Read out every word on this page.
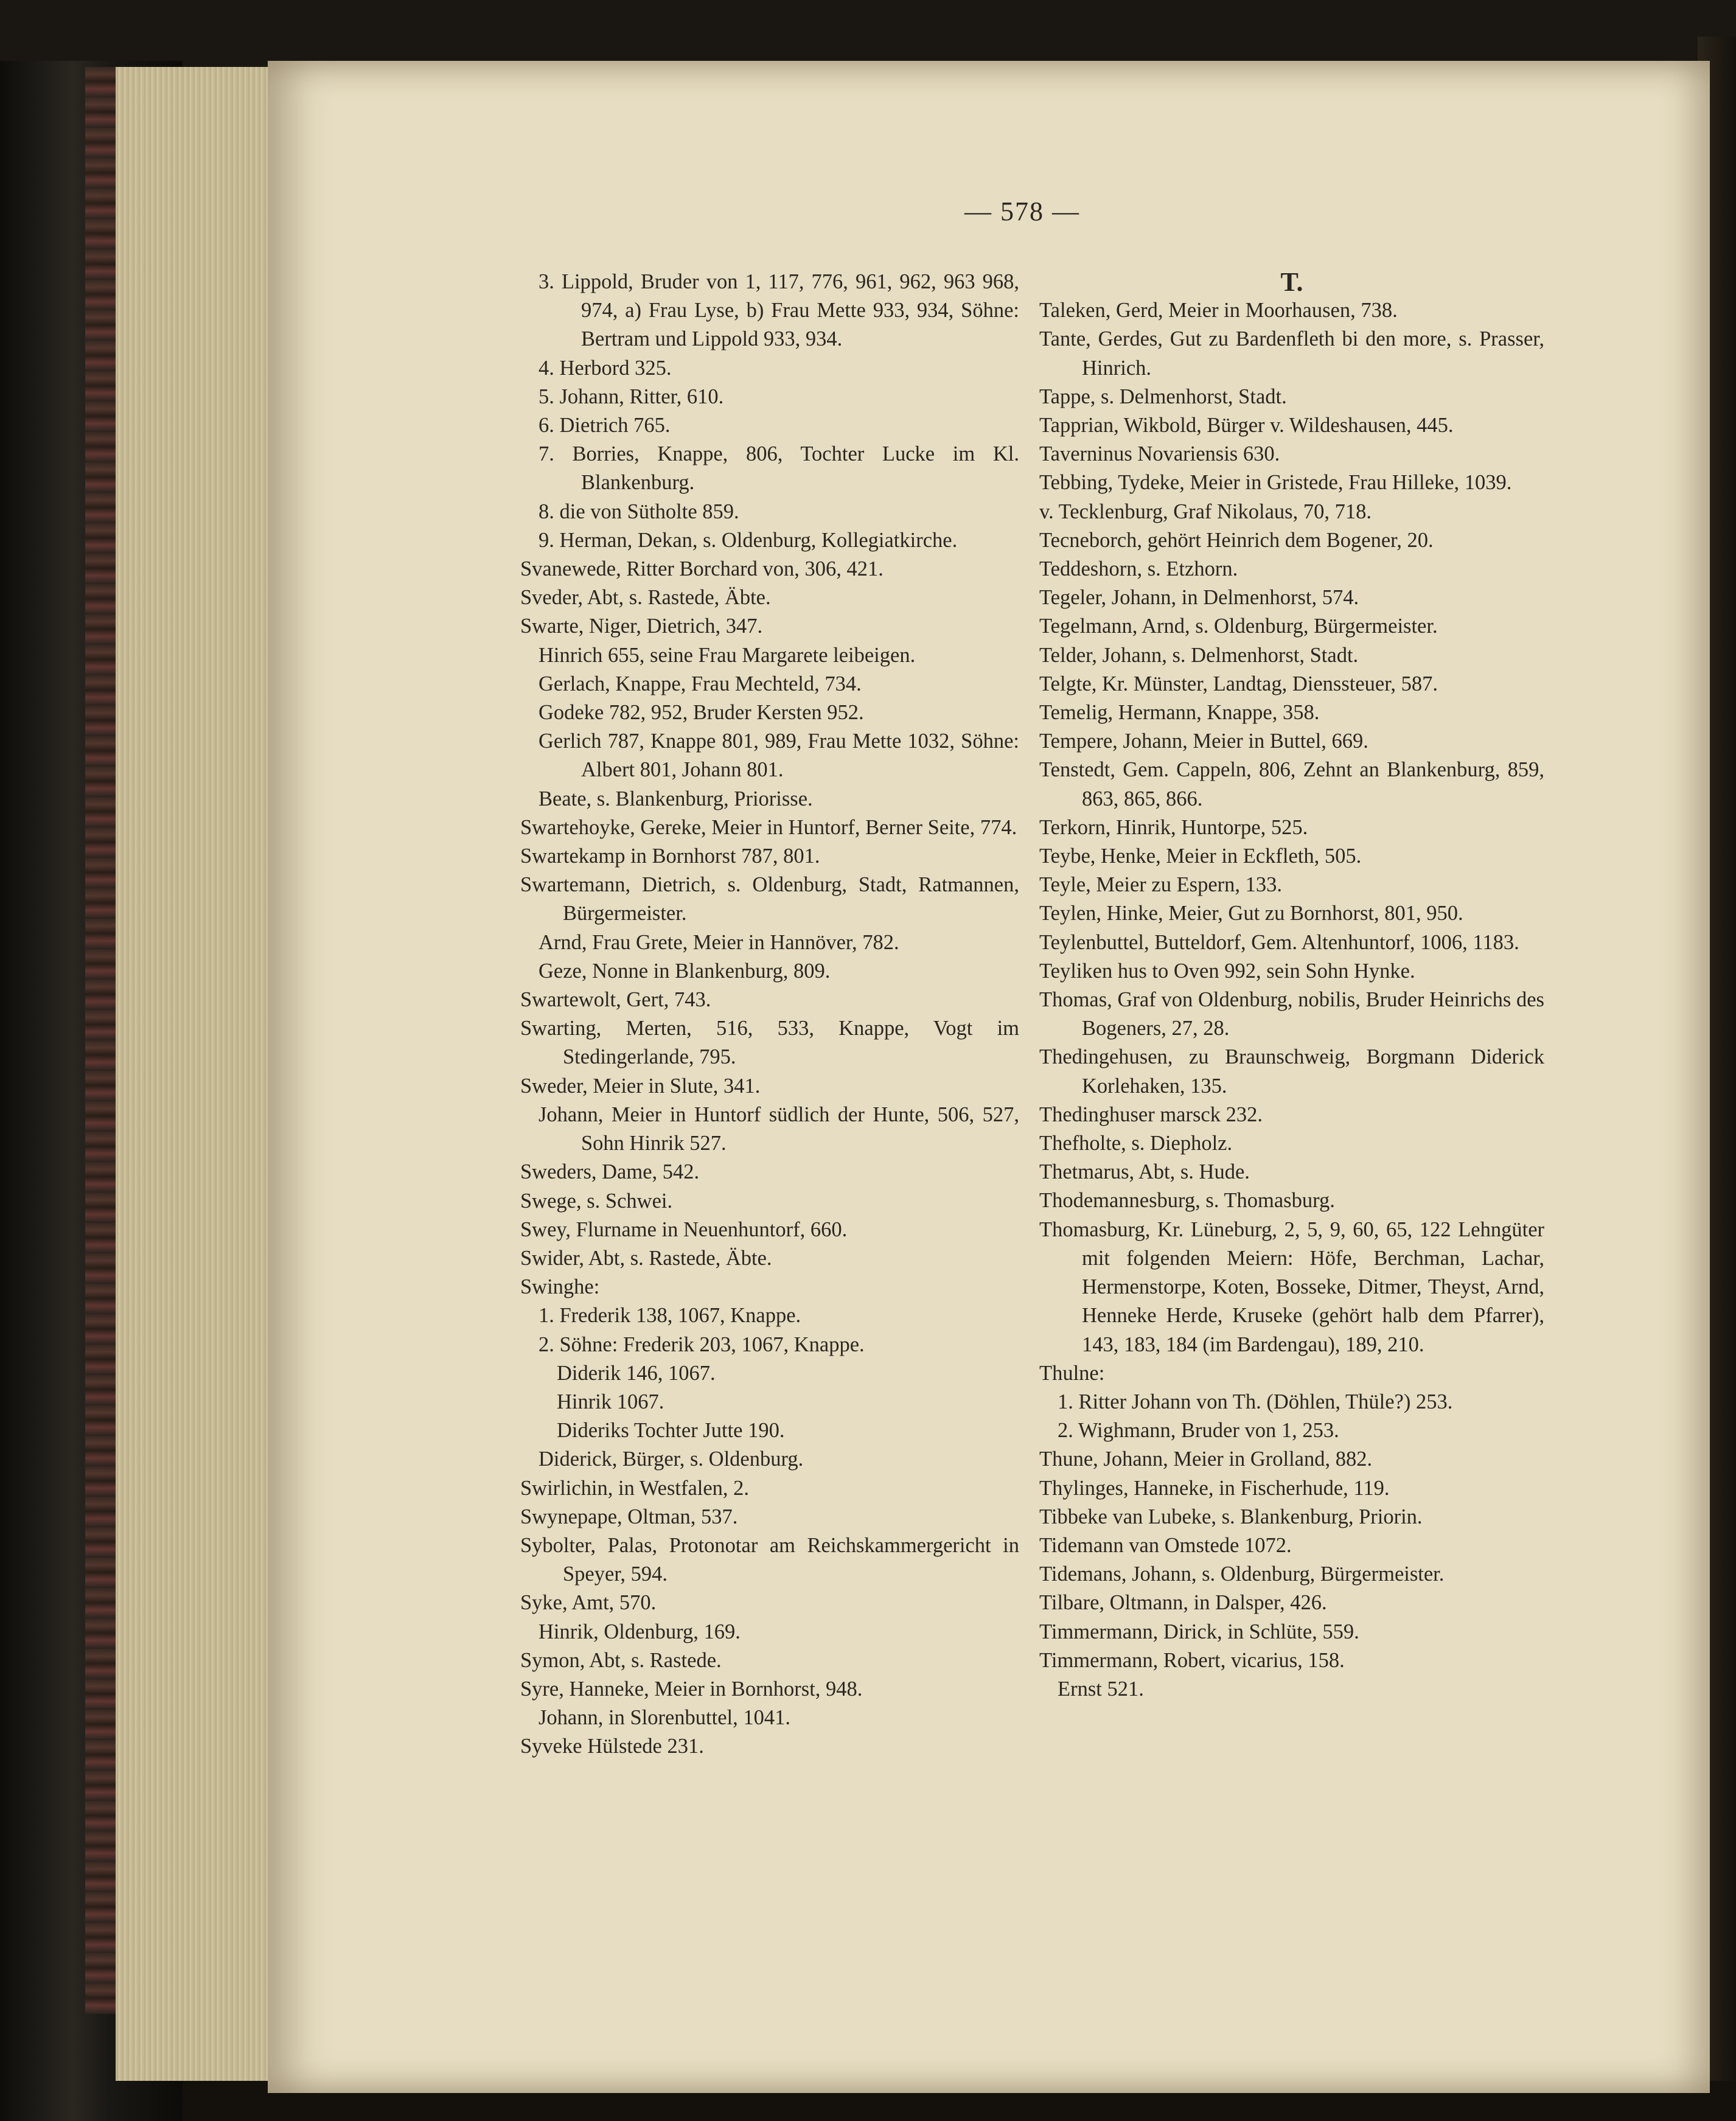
— 578 —
3. Lippold, Bruder von 1, 117, 776, 961, 962, 963 968, 974, a) Frau Lyse, b) Frau Mette 933, 934, Söhne: Bertram und Lippold 933, 934.
4. Herbord 325.
5. Johann, Ritter, 610.
6. Dietrich 765.
7. Borries, Knappe, 806, Tochter Lucke im Kl. Blankenburg.
8. die von Sütholte 859.
9. Herman, Dekan, s. Oldenburg, Kollegiatkirche.
Svanewede, Ritter Borchard von, 306, 421.
Sveder, Abt, s. Rastede, Äbte.
Swarte, Niger, Dietrich, 347.
Hinrich 655, seine Frau Margarete leibeigen.
Gerlach, Knappe, Frau Mechteld, 734.
Godeke 782, 952, Bruder Kersten 952.
Gerlich 787, Knappe 801, 989, Frau Mette 1032, Söhne: Albert 801, Johann 801.
Beate, s. Blankenburg, Priorisse.
Swartehoyke, Gereke, Meier in Huntorf, Berner Seite, 774.
Swartekamp in Bornhorst 787, 801.
Swartemann, Dietrich, s. Oldenburg, Stadt, Ratmannen, Bürgermeister.
Arnd, Frau Grete, Meier in Hannöver, 782.
Geze, Nonne in Blankenburg, 809.
Swartewolt, Gert, 743.
Swarting, Merten, 516, 533, Knappe, Vogt im Stedingerlande, 795.
Sweder, Meier in Slute, 341.
Johann, Meier in Huntorf südlich der Hunte, 506, 527, Sohn Hinrik 527.
Sweders, Dame, 542.
Swege, s. Schwei.
Swey, Flurname in Neuenhuntorf, 660.
Swider, Abt, s. Rastede, Äbte.
Swinghe:
1. Frederik 138, 1067, Knappe.
2. Söhne: Frederik 203, 1067, Knappe.
Diderik 146, 1067.
Hinrik 1067.
Dideriks Tochter Jutte 190.
Diderick, Bürger, s. Oldenburg.
Swirlichin, in Westfalen, 2.
Swynepape, Oltman, 537.
Sybolter, Palas, Protonotar am Reichskammergericht in Speyer, 594.
Syke, Amt, 570.
Hinrik, Oldenburg, 169.
Symon, Abt, s. Rastede.
Syre, Hanneke, Meier in Bornhorst, 948.
Johann, in Slorenbuttel, 1041.
Syveke Hülstede 231.
T.
Taleken, Gerd, Meier in Moorhausen, 738.
Tante, Gerdes, Gut zu Bardenfleth bi den more, s. Prasser, Hinrich.
Tappe, s. Delmenhorst, Stadt.
Tapprian, Wikbold, Bürger v. Wildeshausen, 445.
Taverninus Novariensis 630.
Tebbing, Tydeke, Meier in Gristede, Frau Hilleke, 1039.
v. Tecklenburg, Graf Nikolaus, 70, 718.
Tecneborch, gehört Heinrich dem Bogener, 20.
Teddeshorn, s. Etzhorn.
Tegeler, Johann, in Delmenhorst, 574.
Tegelmann, Arnd, s. Oldenburg, Bürgermeister.
Telder, Johann, s. Delmenhorst, Stadt.
Telgte, Kr. Münster, Landtag, Dienssteuer, 587.
Temelig, Hermann, Knappe, 358.
Tempere, Johann, Meier in Buttel, 669.
Tenstedt, Gem. Cappeln, 806, Zehnt an Blankenburg, 859, 863, 865, 866.
Terkorn, Hinrik, Huntorpe, 525.
Teybe, Henke, Meier in Eckfleth, 505.
Teyle, Meier zu Espern, 133.
Teylen, Hinke, Meier, Gut zu Bornhorst, 801, 950.
Teylenbuttel, Butteldorf, Gem. Altenhuntorf, 1006, 1183.
Teyliken hus to Oven 992, sein Sohn Hynke.
Thomas, Graf von Oldenburg, nobilis, Bruder Heinrichs des Bogeners, 27, 28.
Thedingehusen, zu Braunschweig, Borgmann Diderick Korlehaken, 135.
Thedinghuser marsck 232.
Thefholte, s. Diepholz.
Thetmarus, Abt, s. Hude.
Thodemannesburg, s. Thomasburg.
Thomasburg, Kr. Lüneburg, 2, 5, 9, 60, 65, 122 Lehngüter mit folgenden Meiern: Höfe, Berchman, Lachar, Hermenstorpe, Koten, Bosseke, Ditmer, Theyst, Arnd, Henneke Herde, Kruseke (gehört halb dem Pfarrer), 143, 183, 184 (im Bardengau), 189, 210.
Thulne:
1. Ritter Johann von Th. (Döhlen, Thüle?) 253.
2. Wighmann, Bruder von 1, 253.
Thune, Johann, Meier in Grolland, 882.
Thylinges, Hanneke, in Fischerhude, 119.
Tibbeke van Lubeke, s. Blankenburg, Priorin.
Tidemann van Omstede 1072.
Tidemans, Johann, s. Oldenburg, Bürgermeister.
Tilbare, Oltmann, in Dalsper, 426.
Timmermann, Dirick, in Schlüte, 559.
Timmermann, Robert, vicarius, 158.
Ernst 521.
